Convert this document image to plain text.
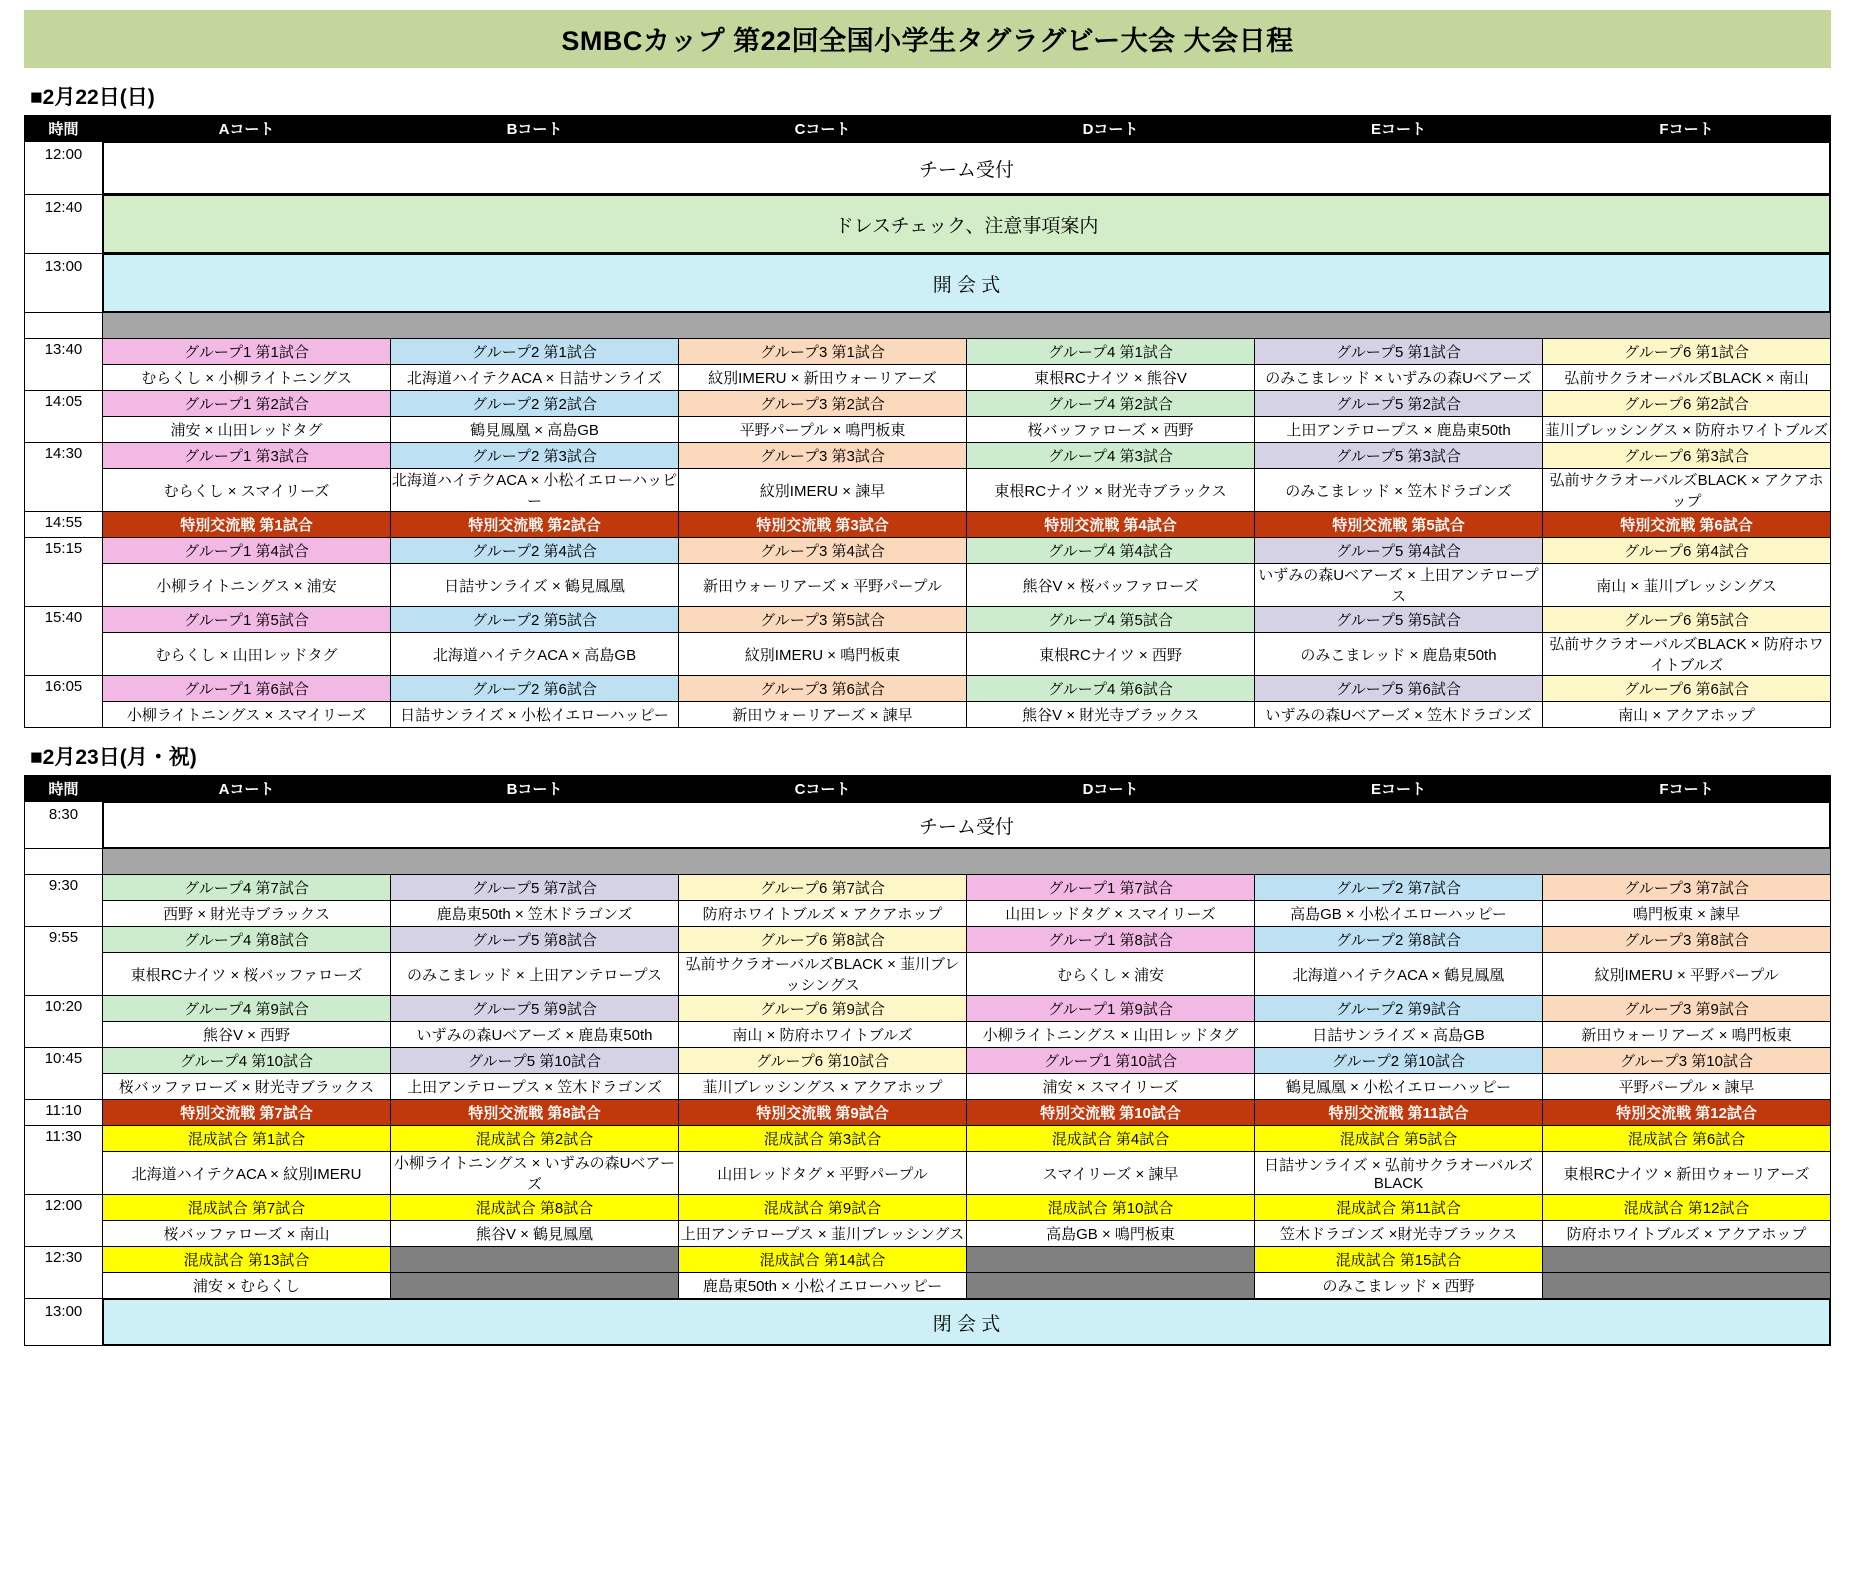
SMBCカップ 第22回全国小学生タグラグビー大会 大会日程
■2月22日(日)
時間	Aコート	Bコート	Cコート	Dコート	Eコート	Fコート
12:00	チーム受付					

12:40	ドレスチェック、注意事項案内					

13:00	開 会 式					

13:40	グループ1 第1試合	グループ2 第1試合	グループ3 第1試合	グループ4 第1試合	グループ5 第1試合	グループ6 第1試合
	むらくし × 小柳ライトニングス	北海道ハイテクACA × 日詰サンライズ	紋別IMERU × 新田ウォーリアーズ	東根RCナイツ × 熊谷V	のみこまレッド × いずみの森Uベアーズ	弘前サクラオーバルズBLACK × 南山
14:05	グループ1 第2試合	グループ2 第2試合	グループ3 第2試合	グループ4 第2試合	グループ5 第2試合	グループ6 第2試合
	浦安 × 山田レッドタグ	鶴見鳳凰 × 高島GB	平野パープル × 鳴門板東	桜バッファローズ × 西野	上田アンテロープス × 鹿島東50th	韮川ブレッシングス × 防府ホワイトブルズ
14:30	グループ1 第3試合	グループ2 第3試合	グループ3 第3試合	グループ4 第3試合	グループ5 第3試合	グループ6 第3試合
	むらくし × スマイリーズ	北海道ハイテクACA × 小松イエローハッピー	紋別IMERU × 諫早	東根RCナイツ × 財光寺ブラックス	のみこまレッド × 笠木ドラゴンズ	弘前サクラオーバルズBLACK × アクアホップ
14:55	特別交流戦 第1試合	特別交流戦 第2試合	特別交流戦 第3試合	特別交流戦 第4試合	特別交流戦 第5試合	特別交流戦 第6試合
15:15	グループ1 第4試合	グループ2 第4試合	グループ3 第4試合	グループ4 第4試合	グループ5 第4試合	グループ6 第4試合
	小柳ライトニングス × 浦安	日詰サンライズ × 鶴見鳳凰	新田ウォーリアーズ × 平野パープル	熊谷V × 桜バッファローズ	いずみの森Uベアーズ × 上田アンテロープス	南山 × 韮川ブレッシングス
15:40	グループ1 第5試合	グループ2 第5試合	グループ3 第5試合	グループ4 第5試合	グループ5 第5試合	グループ6 第5試合
	むらくし × 山田レッドタグ	北海道ハイテクACA × 高島GB	紋別IMERU × 鳴門板東	東根RCナイツ × 西野	のみこまレッド × 鹿島東50th	弘前サクラオーバルズBLACK × 防府ホワイトブルズ
16:05	グループ1 第6試合	グループ2 第6試合	グループ3 第6試合	グループ4 第6試合	グループ5 第6試合	グループ6 第6試合
	小柳ライトニングス × スマイリーズ	日詰サンライズ × 小松イエローハッピー	新田ウォーリアーズ × 諫早	熊谷V × 財光寺ブラックス	いずみの森Uベアーズ × 笠木ドラゴンズ	南山 × アクアホップ
■2月23日(月・祝)
時間	Aコート	Bコート	Cコート	Dコート	Eコート	Fコート
8:30	チーム受付					

9:30	グループ4 第7試合	グループ5 第7試合	グループ6 第7試合	グループ1 第7試合	グループ2 第7試合	グループ3 第7試合
	西野 × 財光寺ブラックス	鹿島東50th × 笠木ドラゴンズ	防府ホワイトブルズ × アクアホップ	山田レッドタグ × スマイリーズ	高島GB × 小松イエローハッピー	鳴門板東 × 諫早
9:55	グループ4 第8試合	グループ5 第8試合	グループ6 第8試合	グループ1 第8試合	グループ2 第8試合	グループ3 第8試合
	東根RCナイツ × 桜バッファローズ	のみこまレッド × 上田アンテロープス	弘前サクラオーバルズBLACK × 韮川ブレッシングス	むらくし × 浦安	北海道ハイテクACA × 鶴見鳳凰	紋別IMERU × 平野パープル
10:20	グループ4 第9試合	グループ5 第9試合	グループ6 第9試合	グループ1 第9試合	グループ2 第9試合	グループ3 第9試合
	熊谷V × 西野	いずみの森Uベアーズ × 鹿島東50th	南山 × 防府ホワイトブルズ	小柳ライトニングス × 山田レッドタグ	日詰サンライズ × 高島GB	新田ウォーリアーズ × 鳴門板東
10:45	グループ4 第10試合	グループ5 第10試合	グループ6 第10試合	グループ1 第10試合	グループ2 第10試合	グループ3 第10試合
	桜バッファローズ × 財光寺ブラックス	上田アンテロープス × 笠木ドラゴンズ	韮川ブレッシングス × アクアホップ	浦安 × スマイリーズ	鶴見鳳凰 × 小松イエローハッピー	平野パープル × 諫早
11:10	特別交流戦 第7試合	特別交流戦 第8試合	特別交流戦 第9試合	特別交流戦 第10試合	特別交流戦 第11試合	特別交流戦 第12試合
11:30	混成試合 第1試合	混成試合 第2試合	混成試合 第3試合	混成試合 第4試合	混成試合 第5試合	混成試合 第6試合
	北海道ハイテクACA × 紋別IMERU	小柳ライトニングス × いずみの森Uベアーズ	山田レッドタグ × 平野パープル	スマイリーズ × 諫早	日詰サンライズ × 弘前サクラオーバルズBLACK	東根RCナイツ × 新田ウォーリアーズ
12:00	混成試合 第7試合	混成試合 第8試合	混成試合 第9試合	混成試合 第10試合	混成試合 第11試合	混成試合 第12試合
	桜バッファローズ × 南山	熊谷V × 鶴見鳳凰	上田アンテロープス × 韮川ブレッシングス	高島GB × 鳴門板東	笠木ドラゴンズ ×財光寺ブラックス	防府ホワイトブルズ × アクアホップ
12:30	混成試合 第13試合		混成試合 第14試合		混成試合 第15試合	
	浦安 × むらくし		鹿島東50th × 小松イエローハッピー		のみこまレッド × 西野	
13:00	閉 会 式					
